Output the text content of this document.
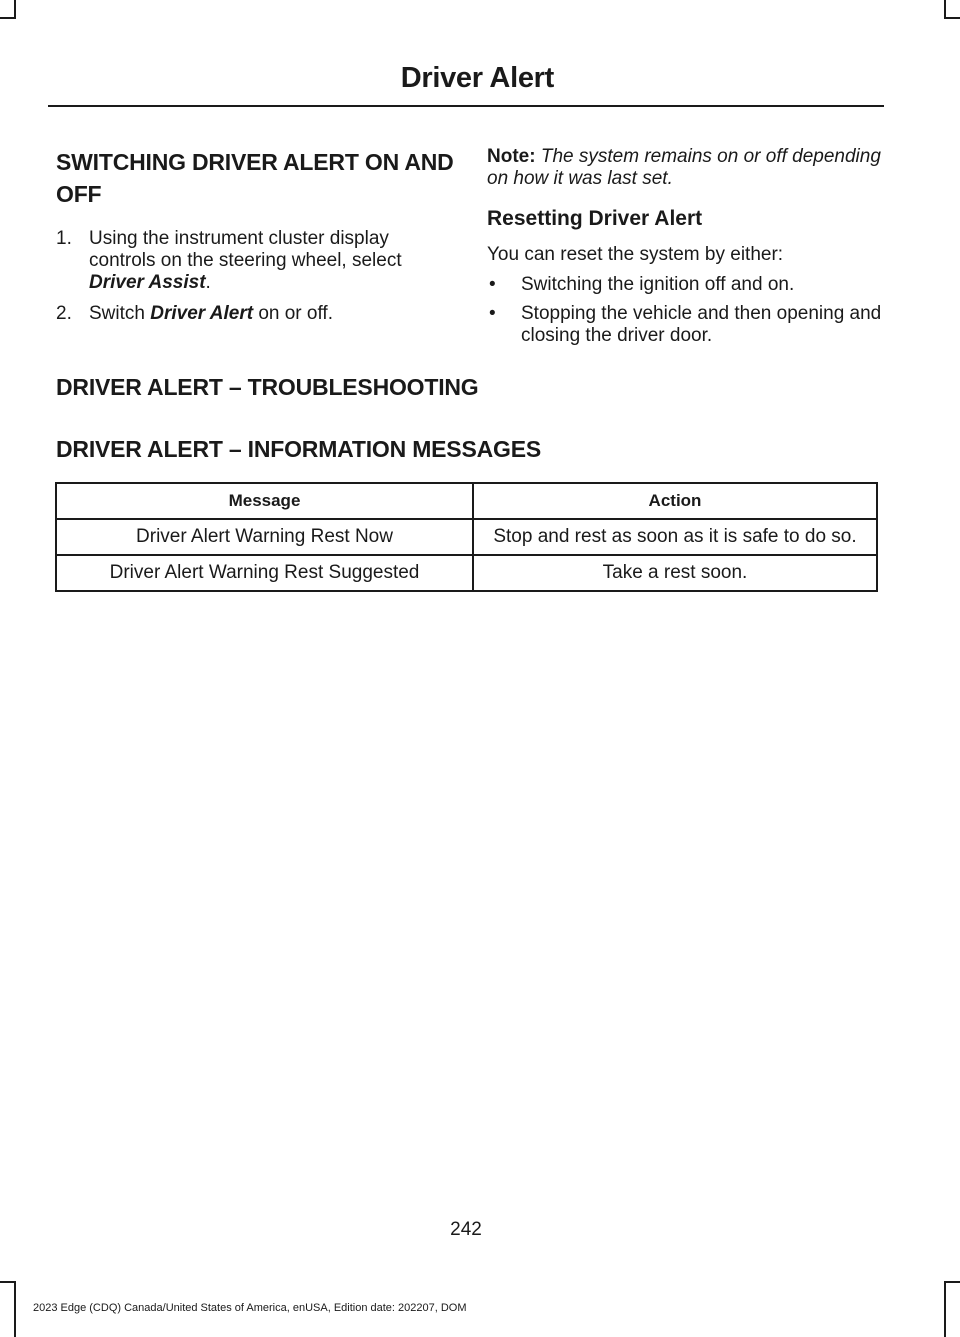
Driver Alert
SWITCHING DRIVER ALERT ON AND OFF
1. Using the instrument cluster display controls on the steering wheel, select Driver Assist.
2. Switch Driver Alert on or off.

Note: The system remains on or off depending on how it was last set.

Resetting Driver Alert

You can reset the system by either:

• Switching the ignition off and on.
• Stopping the vehicle and then opening and closing the driver door.
DRIVER ALERT – TROUBLESHOOTING
DRIVER ALERT – INFORMATION MESSAGES
Message	Action
Driver Alert Warning Rest Now	Stop and rest as soon as it is safe to do so.
Driver Alert Warning Rest Suggested	Take a rest soon.
242
2023 Edge (CDQ) Canada/United States of America, enUSA, Edition date: 202207, DOM
